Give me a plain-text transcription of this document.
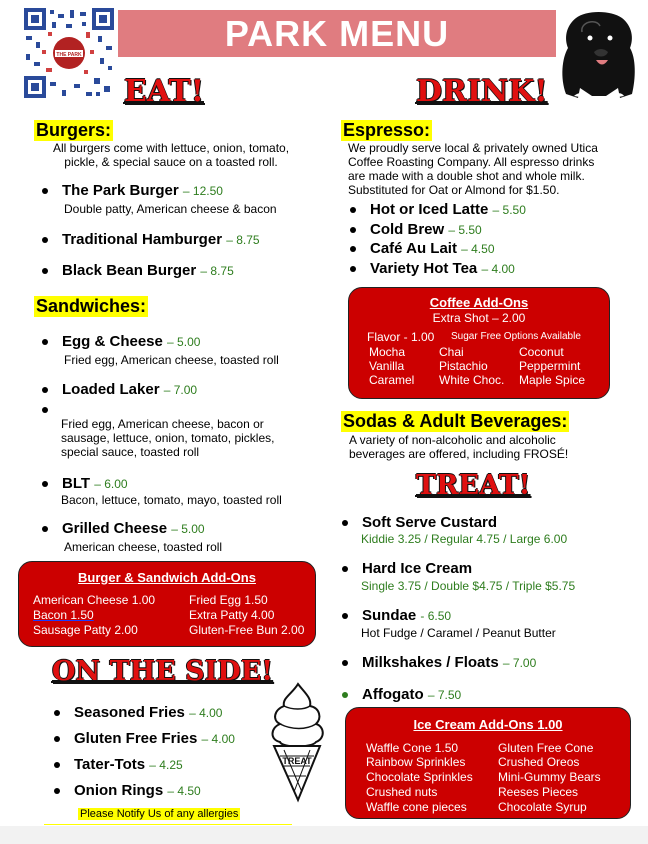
THE PARK
PARK MENU
EAT!
Burgers:
All burgers come with lettuce, onion, tomato, pickle, & special sauce on a toasted roll.
The Park Burger – 12.50
Double patty, American cheese & bacon
Traditional Hamburger – 8.75
Black Bean Burger – 8.75
Sandwiches:
Egg & Cheese – 5.00
Fried egg, American cheese, toasted roll
Loaded Laker – 7.00
Fried egg, American cheese, bacon or sausage, lettuce, onion, tomato, pickles, special sauce, toasted roll
BLT – 6.00
Bacon, lettuce, tomato, mayo, toasted roll
Grilled Cheese – 5.00
American cheese, toasted roll
Burger & Sandwich Add-Ons
American Cheese 1.00
Bacon 1.50
Sausage Patty 2.00
Fried Egg 1.50
Extra Patty 4.00
Gluten-Free Bun 2.00
ON THE SIDE!
Seasoned Fries – 4.00
Gluten Free Fries – 4.00
Tater-Tots – 4.25
Onion Rings – 4.50
TREAT
Please Notify Us of any allergies
DRINK!
Espresso:
We proudly serve local & privately owned Utica Coffee Roasting Company. All espresso drinks are made with a double shot and whole milk. Substituted for Oat or Almond for $1.50.
Hot or Iced Latte – 5.50
Cold Brew – 5.50
Café Au Lait – 4.50
Variety Hot Tea – 4.00
Coffee Add-Ons
Extra Shot – 2.00
Flavor - 1.00 Sugar Free Options Available
Mocha
Vanilla
Caramel
Chai
Pistachio
White Choc.
Coconut
Peppermint
Maple Spice
Sodas & Adult Beverages:
A variety of non-alcoholic and alcoholic beverages are offered, including FROSÉ!
TREAT!
Soft Serve Custard
Kiddie 3.25 / Regular 4.75 / Large 6.00
Hard Ice Cream
Single 3.75 / Double $4.75 / Triple $5.75
Sundae - 6.50
Hot Fudge / Caramel / Peanut Butter
Milkshakes / Floats – 7.00
Affogato – 7.50
Ice Cream Add-Ons 1.00
Waffle Cone 1.50
Rainbow Sprinkles
Chocolate Sprinkles
Crushed nuts
Waffle cone pieces
Gluten Free Cone
Crushed Oreos
Mini-Gummy Bears
Reeses Pieces
Chocolate Syrup
